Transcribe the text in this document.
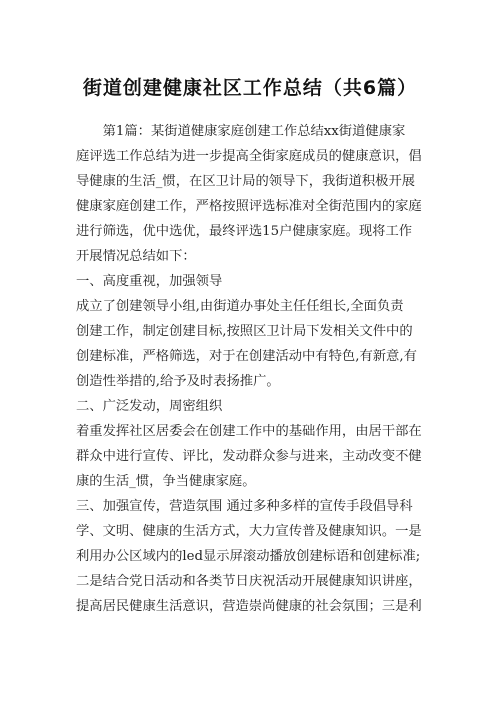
街道创建健康社区工作总结（共6篇）
　　第1篇：某街道健康家庭创建工作总结xx街道健康家
庭评选工作总结为进一步提高全街家庭成员的健康意识，倡
导健康的生活_惯，在区卫计局的领导下，我街道积极开展
健康家庭创建工作，严格按照评选标准对全街范围内的家庭
进行筛选，优中选优，最终评选15户健康家庭。现将工作
开展情况总结如下：
一、高度重视，加强领导
成立了创建领导小组,由街道办事处主任任组长,全面负责
创建工作，制定创建目标,按照区卫计局下发相关文件中的
创建标准，严格筛选，对于在创建活动中有特色,有新意,有
创造性举措的,给予及时表扬推广。
二、广泛发动，周密组织
着重发挥社区居委会在创建工作中的基础作用，由居干部在
群众中进行宣传、评比，发动群众参与进来，主动改变不健
康的生活_惯，争当健康家庭。
三、加强宣传，营造氛围 通过多种多样的宣传手段倡导科
学、文明、健康的生活方式，大力宣传普及健康知识。一是
利用办公区域内的led显示屏滚动播放创建标语和创建标准;
二是结合党日活动和各类节日庆祝活动开展健康知识讲座，
提高居民健康生活意识，营造崇尚健康的社会氛围；三是利
